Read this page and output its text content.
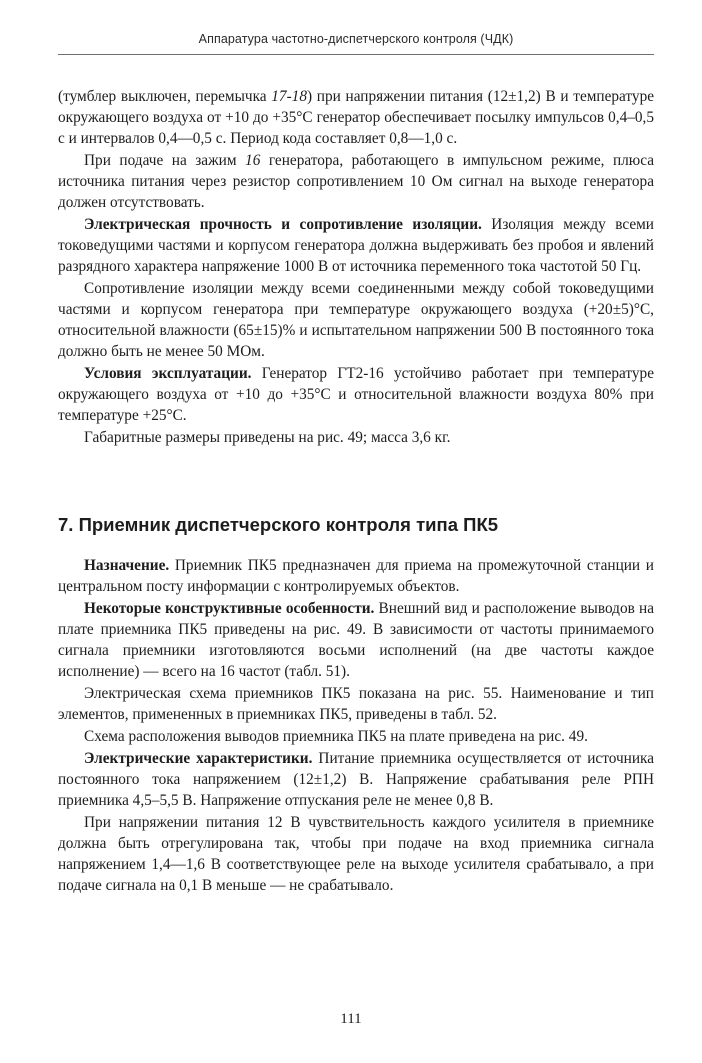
Аппаратура частотно-диспетчерского контроля (ЧДК)

(тумблер выключен, перемычка 17-18) при напряжении питания (12±1,2) В и температуре окружающего воздуха от +10 до +35°С генератор обеспечивает посылку импульсов 0,4–0,5 с и интервалов 0,4—0,5 с. Период кода составляет 0,8—1,0 с.

При подаче на зажим 16 генератора, работающего в импульсном режиме, плюса источника питания через резистор сопротивлением 10 Ом сигнал на выходе генератора должен отсутствовать.

Электрическая прочность и сопротивление изоляции. Изоляция между всеми токоведущими частями и корпусом генератора должна выдерживать без пробоя и явлений разрядного характера напряжение 1000 В от источника переменного тока частотой 50 Гц.

Сопротивление изоляции между всеми соединенными между собой токоведущими частями и корпусом генератора при температуре окружающего воздуха (+20±5)°С, относительной влажности (65±15)% и испытательном напряжении 500 В постоянного тока должно быть не менее 50 МОм.

Условия эксплуатации. Генератор ГТ2-16 устойчиво работает при температуре окружающего воздуха от +10 до +35°С и относительной влажности воздуха 80% при температуре +25°С.

Габаритные размеры приведены на рис. 49; масса 3,6 кг.

7. Приемник диспетчерского контроля типа ПК5

Назначение. Приемник ПК5 предназначен для приема на промежуточной станции и центральном посту информации с контролируемых объектов.

Некоторые конструктивные особенности. Внешний вид и расположение выводов на плате приемника ПК5 приведены на рис. 49. В зависимости от частоты принимаемого сигнала приемники изготовляются восьми исполнений (на две частоты каждое исполнение) — всего на 16 частот (табл. 51).

Электрическая схема приемников ПК5 показана на рис. 55. Наименование и тип элементов, примененных в приемниках ПК5, приведены в табл. 52.

Схема расположения выводов приемника ПК5 на плате приведена на рис. 49.

Электрические характеристики. Питание приемника осуществляется от источника постоянного тока напряжением (12±1,2) В. Напряжение срабатывания реле РПН приемника 4,5–5,5 В. Напряжение отпускания реле не менее 0,8 В.

При напряжении питания 12 В чувствительность каждого усилителя в приемнике должна быть отрегулирована так, чтобы при подаче на вход приемника сигнала напряжением 1,4—1,6 В соответствующее реле на выходе усилителя срабатывало, а при подаче сигнала на 0,1 В меньше — не срабатывало.

111
